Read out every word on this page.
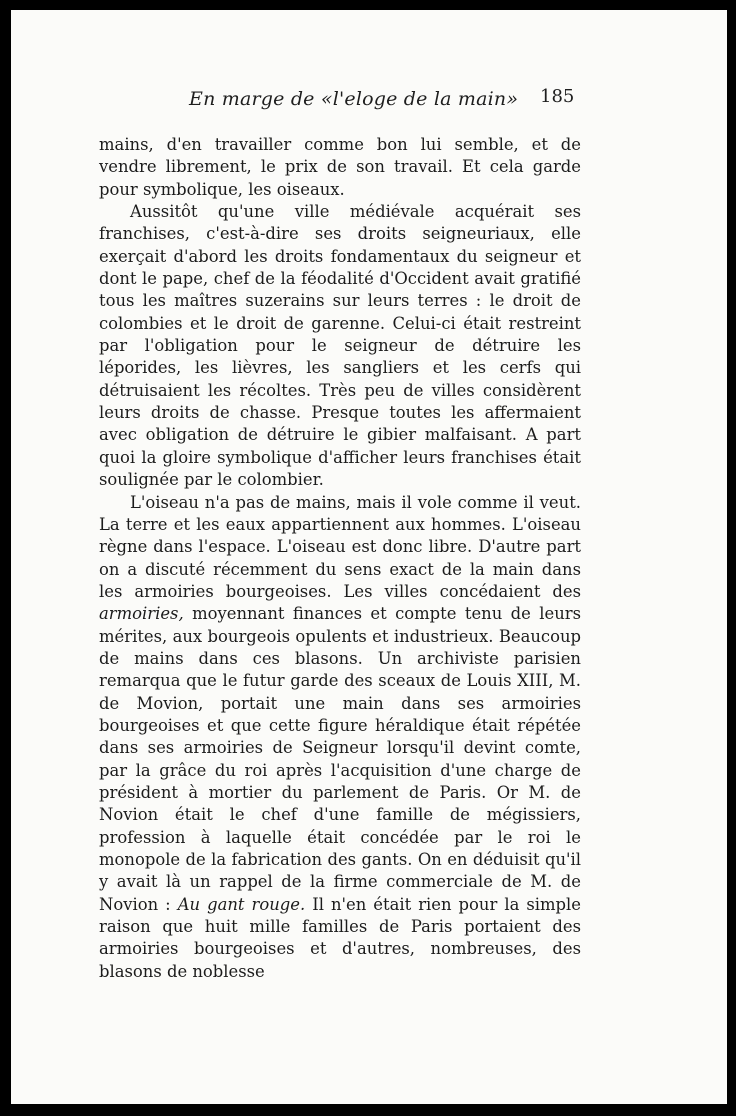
En marge de «l'eloge de la main» 185

mains, d'en travailler comme bon lui semble, et de vendre librement, le prix de son travail. Et cela garde pour symbolique, les oiseaux.

Aussitôt qu'une ville médiévale acquérait ses franchises, c'est-à-dire ses droits seigneuriaux, elle exerçait d'abord les droits fondamentaux du seigneur et dont le pape, chef de la féodalité d'Occident avait gratifié tous les maîtres suzerains sur leurs terres : le droit de colombies et le droit de garenne. Celui-ci était restreint par l'obligation pour le seigneur de détruire les léporides, les lièvres, les sangliers et les cerfs qui détruisaient les récoltes. Très peu de villes considèrent leurs droits de chasse. Presque toutes les affermaient avec obligation de détruire le gibier malfaisant. A part quoi la gloire symbolique d'afficher leurs franchises était soulignée par le colombier.

L'oiseau n'a pas de mains, mais il vole comme il veut. La terre et les eaux appartiennent aux hommes. L'oiseau règne dans l'espace. L'oiseau est donc libre. D'autre part on a discuté récemment du sens exact de la main dans les armoiries bourgeoises. Les villes concédaient des armoiries, moyennant finances et compte tenu de leurs mérites, aux bourgeois opulents et industrieux. Beaucoup de mains dans ces blasons. Un archiviste parisien remarqua que le futur garde des sceaux de Louis XIII, M. de Movion, portait une main dans ses armoiries bourgeoises et que cette figure héraldique était répétée dans ses armoiries de Seigneur lorsqu'il devint comte, par la grâce du roi après l'acquisition d'une charge de président à mortier du parlement de Paris. Or M. de Novion était le chef d'une famille de mégissiers, profession à laquelle était concédée par le roi le monopole de la fabrication des gants. On en déduisit qu'il y avait là un rappel de la firme commerciale de M. de Novion : Au gant rouge. Il n'en était rien pour la simple raison que huit mille familles de Paris portaient des armoiries bourgeoises et d'autres, nombreuses, des blasons de noblesse
